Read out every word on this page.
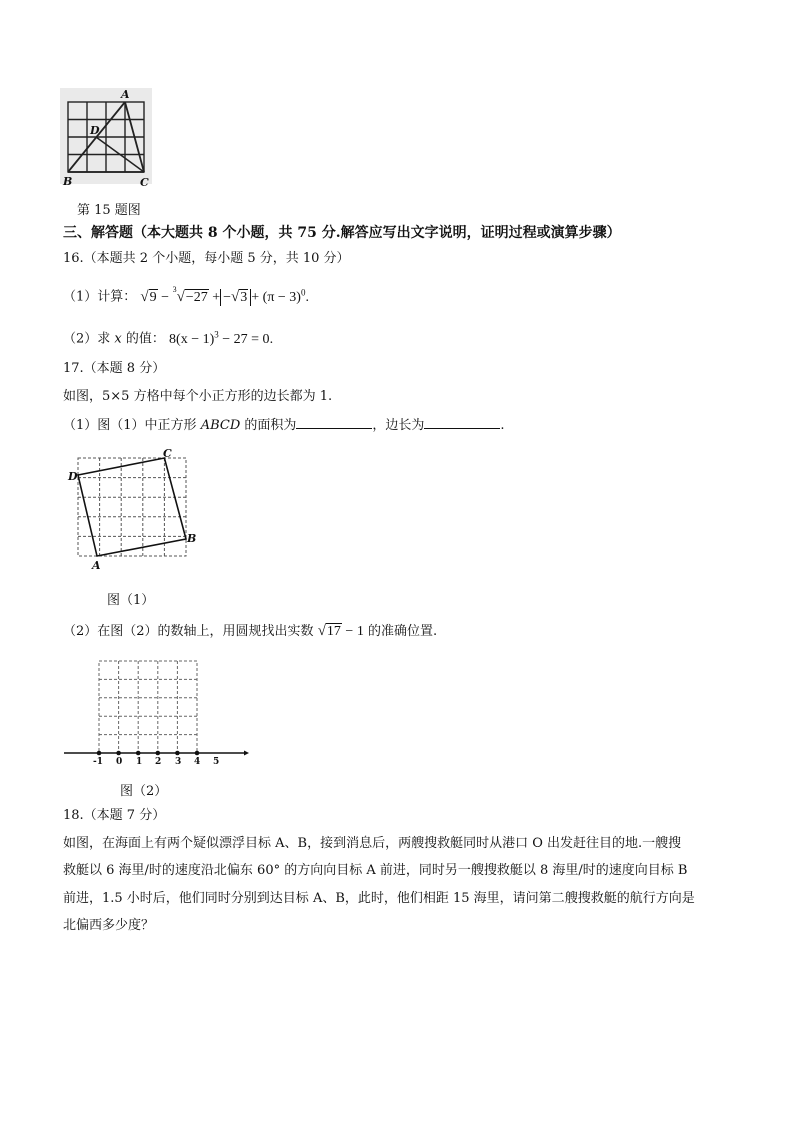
A
D
B	C
第 15 题图
三、解答题（本大题共 8 个小题，共 75 分.解答应写出文字说明，证明过程或演算步骤）
16.（本题共 2 个小题，每小题 5 分，共 10 分）
（1）计算： $√9 - ^3√-27 + -√3 + (\pi - 3)^0$.
（2）求 x 的值： $8(x - 1)^3 - 27 = 0$.
17.（本题 8 分）
如图，5×5 方格中每个小正方形的边长都为 1.
（1）图（1）中正方形 ABCD 的面积为	，边长为	.
D
C
B
A
图（1）
（2）在图（2）的数轴上，用圆规找出实数 √17 − 1 的准确位置.
-1 0 1 2 3 4 5
图（2）
18.（本题 7 分）
如图，在海面上有两个疑似漂浮目标 A、B，接到消息后，两艘搜救艇同时从港口 O 出发赶往目的地.一艘搜
救艇以 6 海里/时的速度沿北偏东 60° 的方向向目标 A 前进，同时另一艘搜救艇以 8 海里/时的速度向目标 B
前进，1.5 小时后，他们同时分别到达目标 A、B，此时，他们相距 15 海里，请问第二艘搜救艇的航行方向是
北偏西多少度？
